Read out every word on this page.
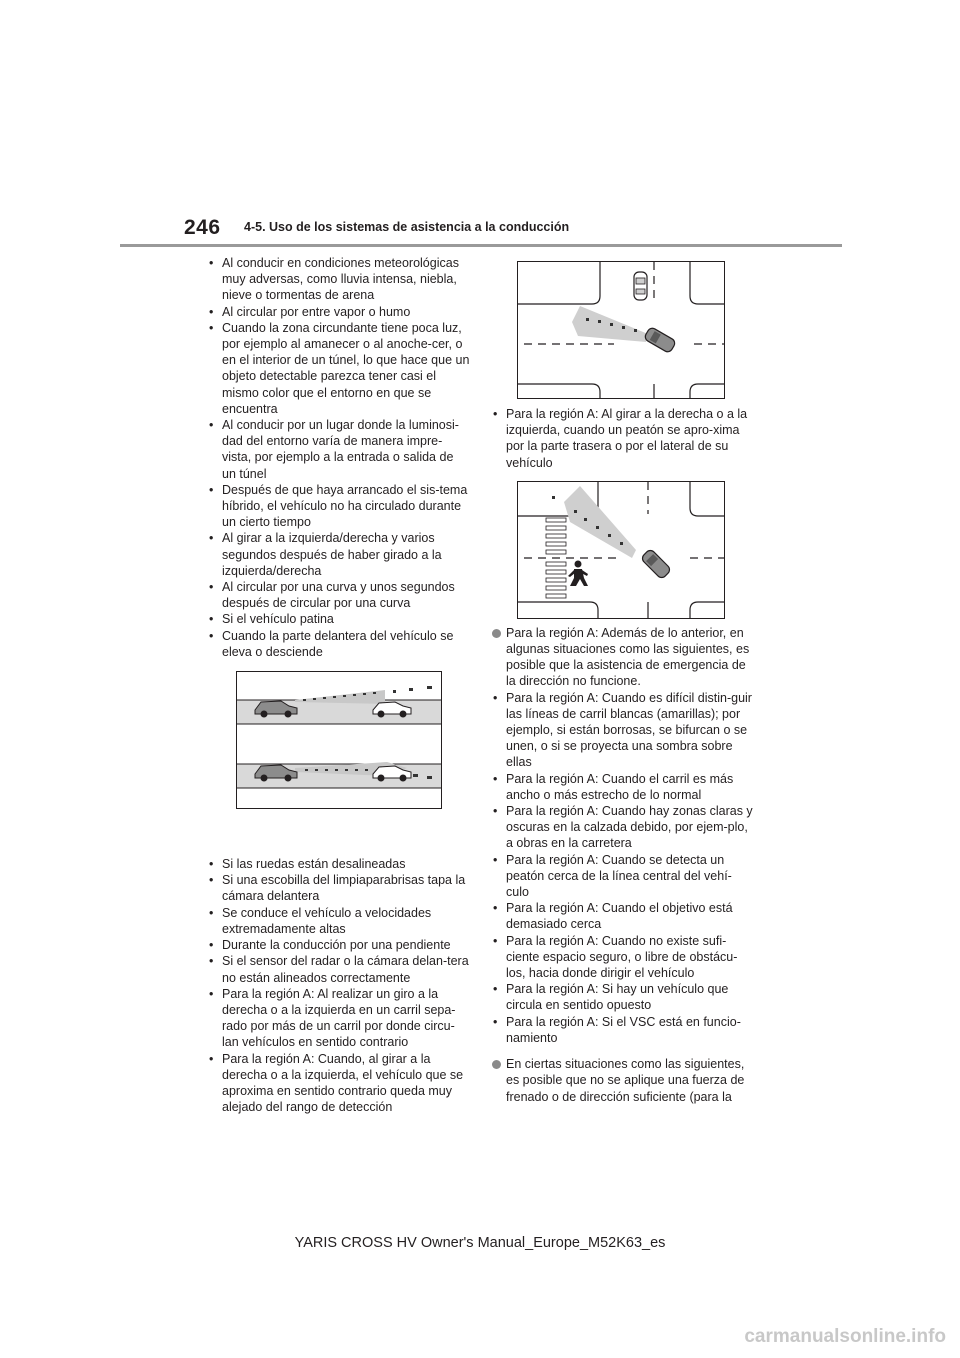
246 4-5. Uso de los sistemas de asistencia a la conducción
• Al conducir en condiciones meteorológicas muy adversas, como lluvia intensa, niebla, nieve o tormentas de arena
• Al circular por entre vapor o humo
• Cuando la zona circundante tiene poca luz, por ejemplo al amanecer o al anoche-cer, o en el interior de un túnel, lo que hace que un objeto detectable parezca tener casi el mismo color que el entorno en que se encuentra
• Al conducir por un lugar donde la luminosi-dad del entorno varía de manera impre-vista, por ejemplo a la entrada o salida de un túnel
• Después de que haya arrancado el sis-tema híbrido, el vehículo no ha circulado durante un cierto tiempo
• Al girar a la izquierda/derecha y varios segundos después de haber girado a la izquierda/derecha
• Al circular por una curva y unos segundos después de circular por una curva
• Si el vehículo patina
• Cuando la parte delantera del vehículo se eleva o desciende
• Si las ruedas están desalineadas
• Si una escobilla del limpiaparabrisas tapa la cámara delantera
• Se conduce el vehículo a velocidades extremadamente altas
• Durante la conducción por una pendiente
• Si el sensor del radar o la cámara delan-tera no están alineados correctamente
• Para la región A: Al realizar un giro a la derecha o a la izquierda en un carril sepa-rado por más de un carril por donde circu-lan vehículos en sentido contrario
• Para la región A: Cuando, al girar a la derecha o a la izquierda, el vehículo que se aproxima en sentido contrario queda muy alejado del rango de detección
• Para la región A: Al girar a la derecha o a la izquierda, cuando un peatón se apro-xima por la parte trasera o por el lateral de su vehículo

Para la región A: Además de lo anterior, en algunas situaciones como las siguientes, es posible que la asistencia de emergencia de la dirección no funcione.

• Para la región A: Cuando es difícil distin-guir las líneas de carril blancas (amarillas); por ejemplo, si están borrosas, se bifurcan o se unen, o si se proyecta una sombra sobre ellas
• Para la región A: Cuando el carril es más ancho o más estrecho de lo normal
• Para la región A: Cuando hay zonas claras y oscuras en la calzada debido, por ejem-plo, a obras en la carretera
• Para la región A: Cuando se detecta un peatón cerca de la línea central del vehí-culo
• Para la región A: Cuando el objetivo está demasiado cerca
• Para la región A: Cuando no existe sufi-ciente espacio seguro, o libre de obstácu-los, hacia donde dirigir el vehículo
• Para la región A: Si hay un vehículo que circula en sentido opuesto
• Para la región A: Si el VSC está en funcio-namiento

En ciertas situaciones como las siguientes, es posible que no se aplique una fuerza de frenado o de dirección suficiente (para la

YARIS CROSS HV Owner's Manual_Europe_M52K63_es
carmanualsonline.info
